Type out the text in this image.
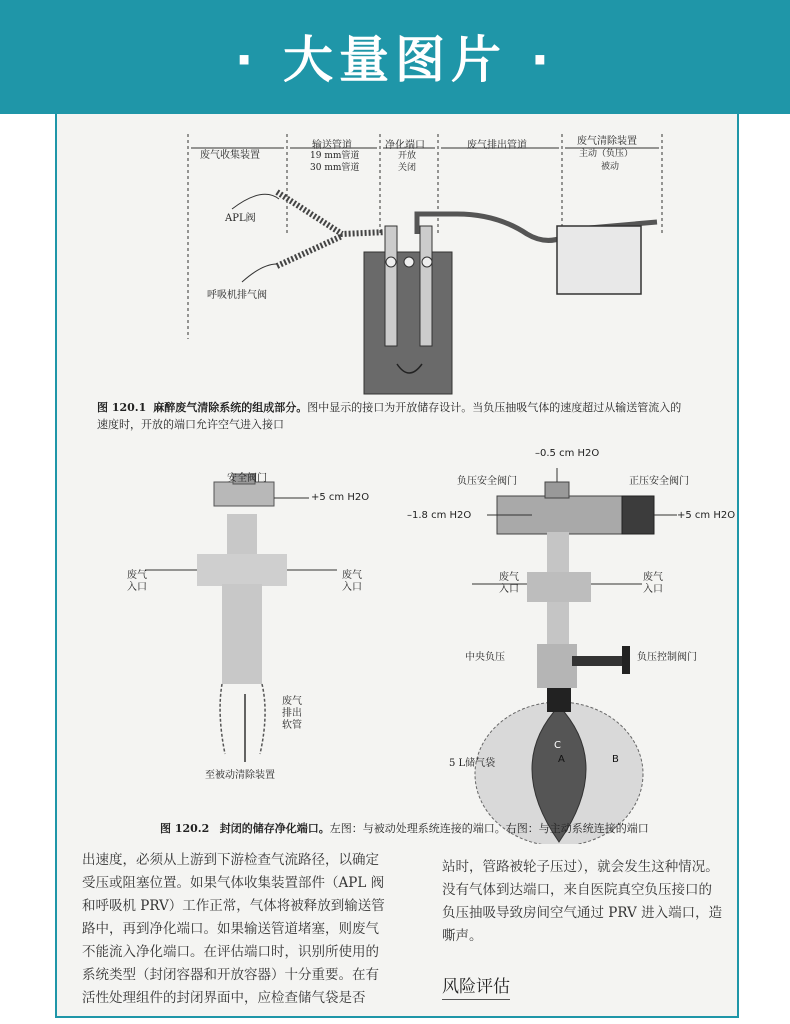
· 大量图片 ·
废气收集装置
输送管道
19 mm管道
30 mm管道
净化端口
开放
关闭
废气排出管道	废气清除装置
主动（负压）
被动
APL阀
呼吸机排气阀
图 120.1 麻醉废气清除系统的组成部分。图中显示的接口为开放储存设计。当负压抽吸气体的速度超过从输送管流入的
速度时，开放的端口允许空气进入接口
安全阀门
+5 cm H2O
废气
入口
废气
入口
废气
排出
软管
至被动清除装置
–0.5 cm H2O
负压安全阀门	正压安全阀门
–1.8 cm H2O	+5 cm H2O
废气
入口
废气
入口
中央负压	负压控制阀门
5 L储气袋
C
A	B
图 120.2 封闭的储存净化端口。左图：与被动处理系统连接的端口。右图：与主动系统连接的端口
出速度，必须从上游到下游检查气流路径，以确定
受压或阻塞位置。如果气体收集装置部件（APL 阀
和呼吸机 PRV）工作正常，气体将被释放到输送管
路中，再到净化端口。如果输送管道堵塞，则废气
不能流入净化端口。在评估端口时，识别所使用的
系统类型（封闭容器和开放容器）十分重要。在有
活性处理组件的封闭界面中，应检查储气袋是否
站时，管路被轮子压过），就会发生这种情况。
没有气体到达端口，来自医院真空负压接口的
负压抽吸导致房间空气通过 PRV 进入端口，造
嘶声。
风险评估
